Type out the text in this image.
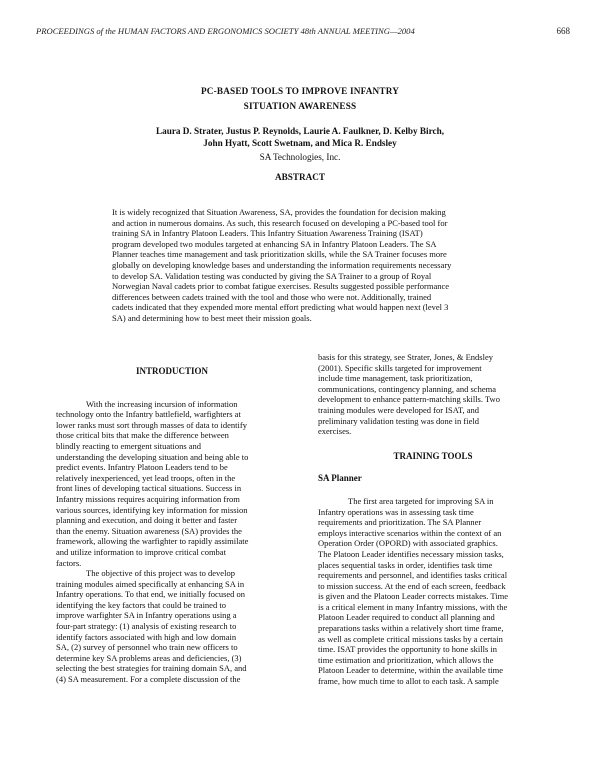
PROCEEDINGS of the HUMAN FACTORS AND ERGONOMICS SOCIETY 48th ANNUAL MEETING—2004	668
PC-BASED TOOLS TO IMPROVE INFANTRY
SITUATION AWARENESS
Laura D. Strater, Justus P. Reynolds, Laurie A. Faulkner, D. Kelby Birch,
John Hyatt, Scott Swetnam, and Mica R. Endsley
SA Technologies, Inc.
ABSTRACT
It is widely recognized that Situation Awareness, SA, provides the foundation for decision making
and action in numerous domains. As such, this research focused on developing a PC-based tool for
training SA in Infantry Platoon Leaders. This Infantry Situation Awareness Training (ISAT)
program developed two modules targeted at enhancing SA in Infantry Platoon Leaders. The SA
Planner teaches time management and task prioritization skills, while the SA Trainer focuses more
globally on developing knowledge bases and understanding the information requirements necessary
to develop SA. Validation testing was conducted by giving the SA Trainer to a group of Royal
Norwegian Naval cadets prior to combat fatigue exercises. Results suggested possible performance
differences between cadets trained with the tool and those who were not. Additionally, trained
cadets indicated that they expended more mental effort predicting what would happen next (level 3
SA) and determining how to best meet their mission goals.

INTRODUCTION

With the increasing incursion of information
technology onto the Infantry battlefield, warfighters at
lower ranks must sort through masses of data to identify
those critical bits that make the difference between
blindly reacting to emergent situations and
understanding the developing situation and being able to
predict events. Infantry Platoon Leaders tend to be
relatively inexperienced, yet lead troops, often in the
front lines of developing tactical situations. Success in
Infantry missions requires acquiring information from
various sources, identifying key information for mission
planning and execution, and doing it better and faster
than the enemy. Situation awareness (SA) provides the
framework, allowing the warfighter to rapidly assimilate
and utilize information to improve critical combat
factors.
The objective of this project was to develop
training modules aimed specifically at enhancing SA in
Infantry operations. To that end, we initially focused on
identifying the key factors that could be trained to
improve warfighter SA in Infantry operations using a
four-part strategy: (1) analysis of existing research to
identify factors associated with high and low domain
SA, (2) survey of personnel who train new officers to
determine key SA problems areas and deficiencies, (3)
selecting the best strategies for training domain SA, and
(4) SA measurement. For a complete discussion of the
basis for this strategy, see Strater, Jones, & Endsley
(2001). Specific skills targeted for improvement
include time management, task prioritization,
communications, contingency planning, and schema
development to enhance pattern-matching skills. Two
training modules were developed for ISAT, and
preliminary validation testing was done in field
exercises.

TRAINING TOOLS

SA Planner

The first area targeted for improving SA in
Infantry operations was in assessing task time
requirements and prioritization. The SA Planner
employs interactive scenarios within the context of an
Operation Order (OPORD) with associated graphics.
The Platoon Leader identifies necessary mission tasks,
places sequential tasks in order, identifies task time
requirements and personnel, and identifies tasks critical
to mission success. At the end of each screen, feedback
is given and the Platoon Leader corrects mistakes. Time
is a critical element in many Infantry missions, with the
Platoon Leader required to conduct all planning and
preparations tasks within a relatively short time frame,
as well as complete critical missions tasks by a certain
time. ISAT provides the opportunity to hone skills in
time estimation and prioritization, which allows the
Platoon Leader to determine, within the available time
frame, how much time to allot to each task. A sample
